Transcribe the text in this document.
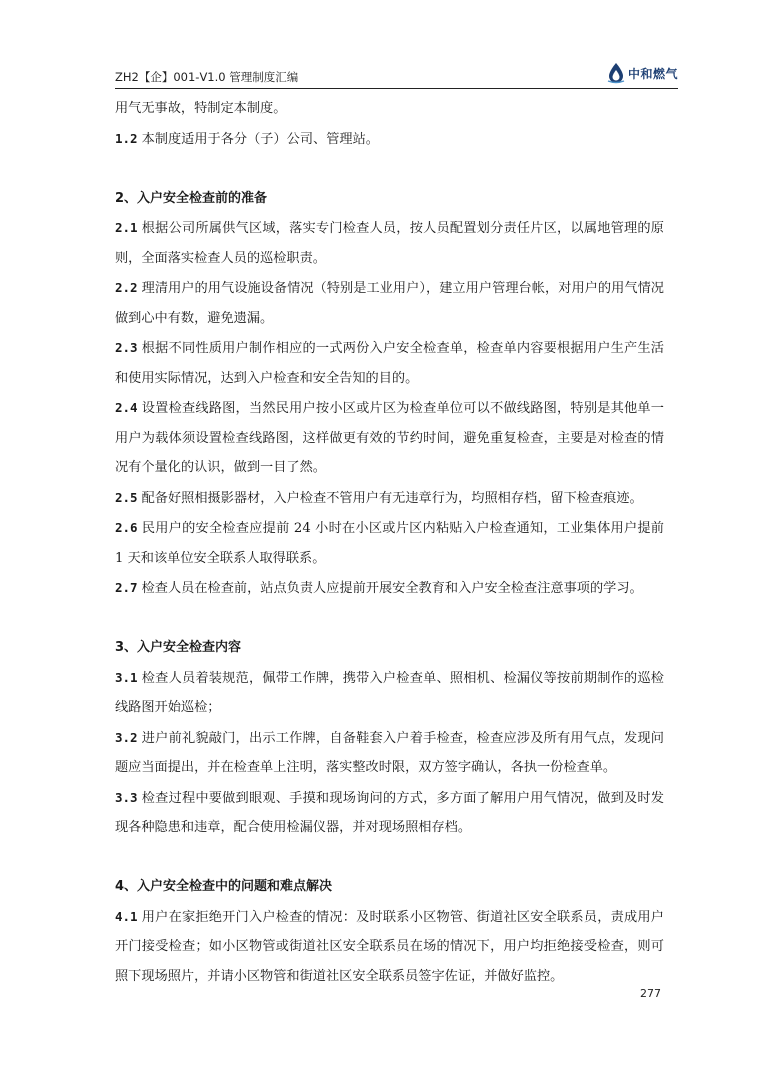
ZH2【企】001-V1.0 管理制度汇编	中和燃气

用气无事故，特制定本制度。

1.2 本制度适用于各分（子）公司、管理站。

2、入户安全检查前的准备

2.1 根据公司所属供气区域，落实专门检查人员，按人员配置划分责任片区，以属地管理的原则，全面落实检查人员的巡检职责。

2.2 理清用户的用气设施设备情况（特别是工业用户），建立用户管理台帐，对用户的用气情况做到心中有数，避免遗漏。

2.3 根据不同性质用户制作相应的一式两份入户安全检查单，检查单内容要根据用户生产生活和使用实际情况，达到入户检查和安全告知的目的。

2.4 设置检查线路图，当然民用户按小区或片区为检查单位可以不做线路图，特别是其他单一用户为载体须设置检查线路图，这样做更有效的节约时间，避免重复检查，主要是对检查的情况有个量化的认识，做到一目了然。

2.5 配备好照相摄影器材，入户检查不管用户有无违章行为，均照相存档，留下检查痕迹。

2.6 民用户的安全检查应提前 24 小时在小区或片区内粘贴入户检查通知，工业集体用户提前 1 天和该单位安全联系人取得联系。

2.7 检查人员在检查前，站点负责人应提前开展安全教育和入户安全检查注意事项的学习。

3、入户安全检查内容

3.1 检查人员着装规范，佩带工作牌，携带入户检查单、照相机、检漏仪等按前期制作的巡检线路图开始巡检；

3.2 进户前礼貌敲门，出示工作牌，自备鞋套入户着手检查，检查应涉及所有用气点，发现问题应当面提出，并在检查单上注明，落实整改时限，双方签字确认，各执一份检查单。

3.3 检查过程中要做到眼观、手摸和现场询问的方式，多方面了解用户用气情况，做到及时发现各种隐患和违章，配合使用检漏仪器，并对现场照相存档。

4、入户安全检查中的问题和难点解决

4.1 用户在家拒绝开门入户检查的情况：及时联系小区物管、街道社区安全联系员，责成用户开门接受检查；如小区物管或街道社区安全联系员在场的情况下，用户均拒绝接受检查，则可照下现场照片，并请小区物管和街道社区安全联系员签字佐证，并做好监控。

277
